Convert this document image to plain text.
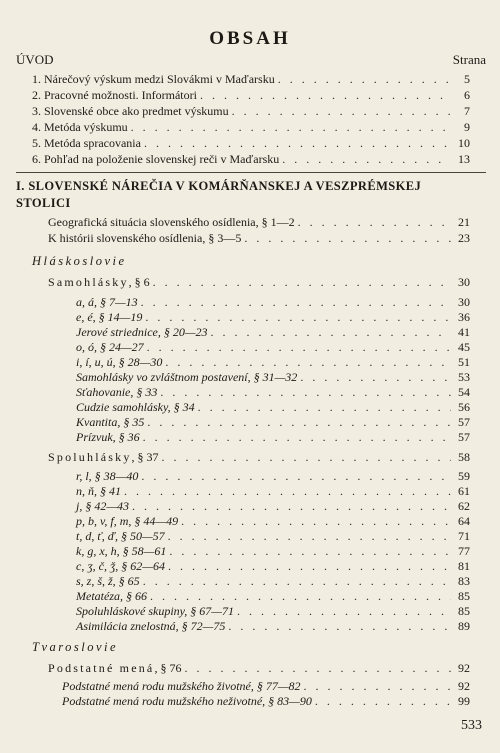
OBSAH
ÚVOD	Strana
1. Nárečový výskum medzi Slovákmi v Maďarsku . . .	5
2. Pracovné možnosti. Informátori . . .	6
3. Slovenské obce ako predmet výskumu . . .	7
4. Metóda výskumu . . .	9
5. Metóda spracovania . . .	10
6. Pohľad na položenie slovenskej reči v Maďarsku . . .	13
I. SLOVENSKÉ NÁREČIA V KOMÁRŇANSKEJ A VESZPRÉMSKEJ STOLICI
Geografická situácia slovenského osídlenia, § 1—2 . . .	21
K histórii slovenského osídlenia, § 3—5 . . .	23
Hláskoslovie
Samohlásky, § 6 . . .	30
a, á, § 7—13 . . .	30
e, é, § 14—19 . . .	36
Jerové striednice, § 20—23 . . .	41
o, ó, § 24—27 . . .	45
i, í, u, ú, § 28—30 . . .	51
Samohlásky vo zvláštnom postavení, § 31—32 . . .	53
Sťahovanie, § 33 . . .	54
Cudzie samohlásky, § 34 . . .	56
Kvantita, § 35 . . .	57
Prízvuk, § 36 . . .	57
Spoluhlásky, § 37 . . .	58
r, l, § 38—40 . . .	59
n, ň, § 41 . . .	61
j, § 42—43 . . .	62
p, b, v, f, m, § 44—49 . . .	64
t, d, ť, ď, § 50—57 . . .	71
k, g, x, h, § 58—61 . . .	77
c, ʒ, č, ǯ, § 62—64 . . .	81
s, z, š, ž, § 65 . . .	83
Metatéza, § 66 . . .	85
Spoluhláskové skupiny, § 67—71 . . .	85
Asimilácia znelostná, § 72—75 . . .	89
Tvaroslovie
Podstatné mená, § 76 . . .	92
Podstatné mená rodu mužského životné, § 77—82 . . .	92
Podstatné mená rodu mužského neživotné, § 83—90 . . .	99
533
